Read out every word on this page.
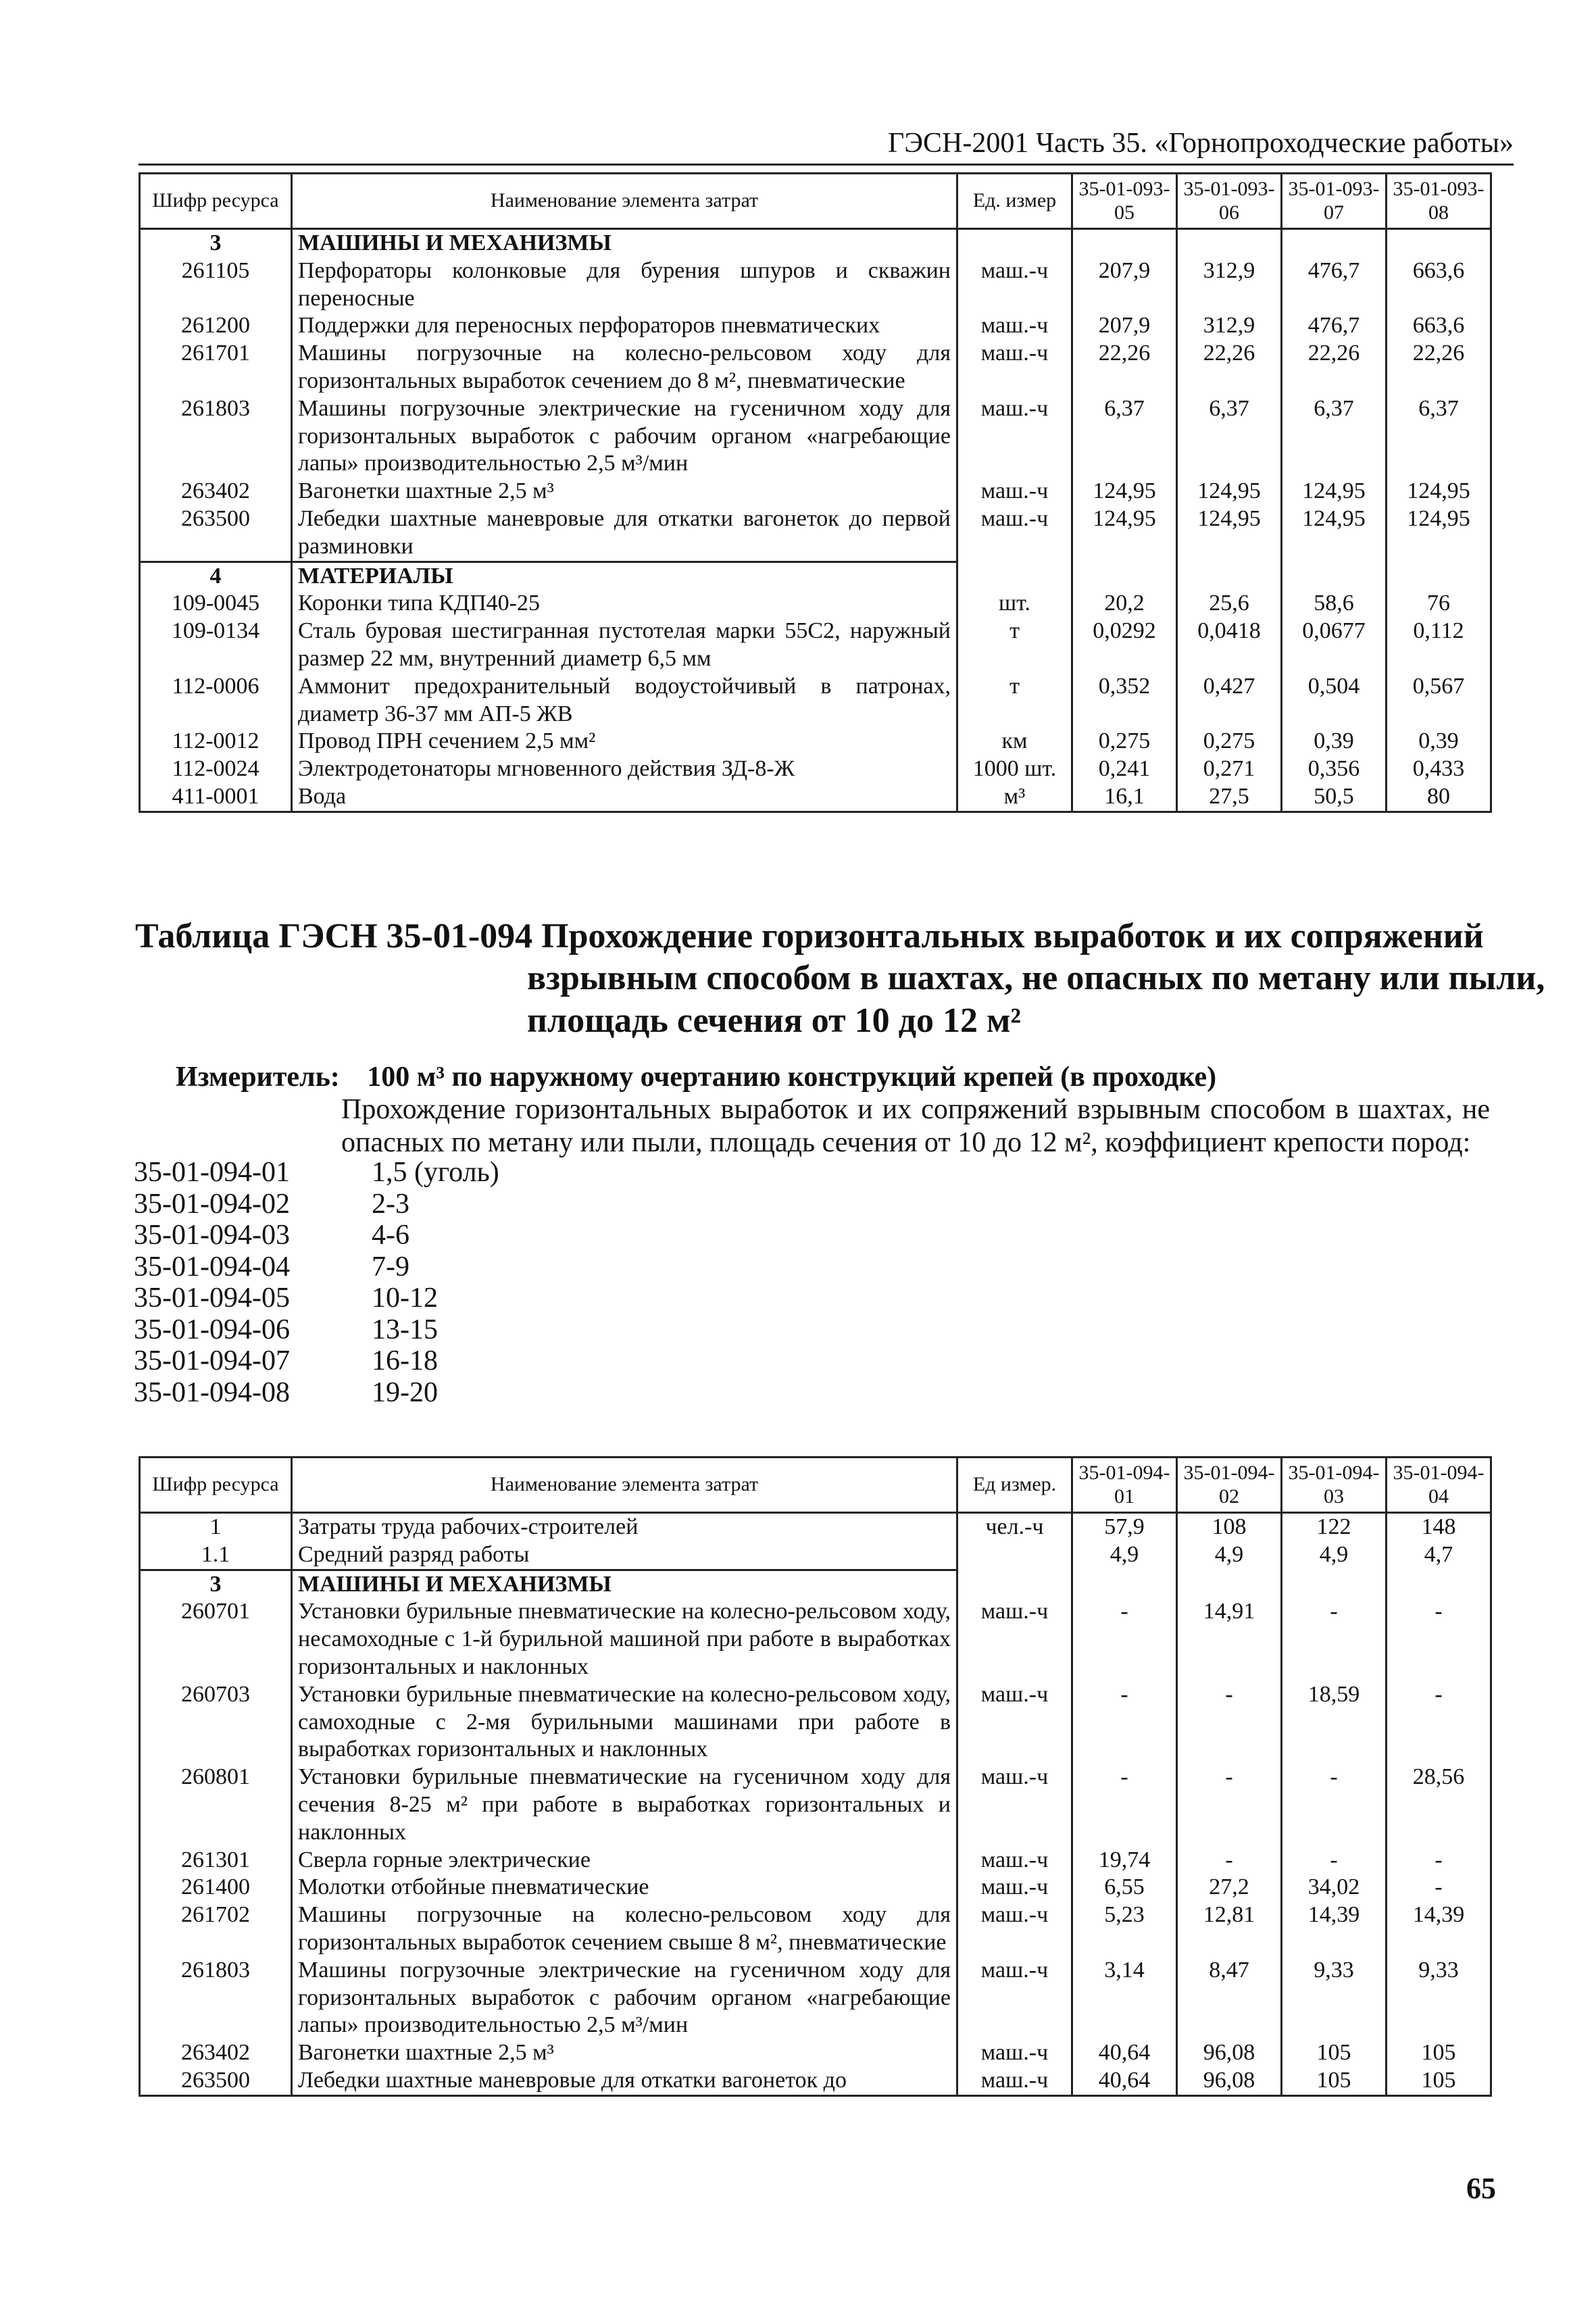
ГЭСН-2001 Часть 35. «Горнопроходческие работы»
Шифр ресурса	Наименование элемента затрат	Ед. измер	35-01-093-05	35-01-093-06	35-01-093-07	35-01-093-08
3	МАШИНЫ И МЕХАНИЗМЫ					
261105	Перфораторы колонковые для бурения шпуров и скважин переносные	маш.-ч	207,9	312,9	476,7	663,6
261200	Поддержки для переносных перфораторов пневматических	маш.-ч	207,9	312,9	476,7	663,6
261701	Машины погрузочные на колесно-рельсовом ходу для горизонтальных выработок сечением до 8 м², пневматические	маш.-ч	22,26	22,26	22,26	22,26
261803	Машины погрузочные электрические на гусеничном ходу для горизонтальных выработок с рабочим органом «нагребающие лапы» производительностью 2,5 м³/мин	маш.-ч	6,37	6,37	6,37	6,37
263402	Вагонетки шахтные 2,5 м³	маш.-ч	124,95	124,95	124,95	124,95
263500	Лебедки шахтные маневровые для откатки вагонеток до первой разминовки	маш.-ч	124,95	124,95	124,95	124,95
4	МАТЕРИАЛЫ					
109-0045	Коронки типа КДП40-25	шт.	20,2	25,6	58,6	76
109-0134	Сталь буровая шестигранная пустотелая марки 55С2, наружный размер 22 мм, внутренний диаметр 6,5 мм	т	0,0292	0,0418	0,0677	0,112
112-0006	Аммонит предохранительный водоустойчивый в патронах, диаметр 36-37 мм АП-5 ЖВ	т	0,352	0,427	0,504	0,567
112-0012	Провод ПРН сечением 2,5 мм²	км	0,275	0,275	0,39	0,39
112-0024	Электродетонаторы мгновенного действия ЗД-8-Ж	1000 шт.	0,241	0,271	0,356	0,433
411-0001	Вода	м³	16,1	27,5	50,5	80
Таблица ГЭСН 35-01-094 Прохождение горизонтальных выработок и их сопряжений
взрывным способом в шахтах, не опасных по метану или пыли,
площадь сечения от 10 до 12 м²
Измеритель: 100 м³ по наружному очертанию конструкций крепей (в проходке)
Прохождение горизонтальных выработок и их сопряжений взрывным способом в шахтах, не опасных по метану или пыли, площадь сечения от 10 до 12 м², коэффициент крепости пород:
35-01-094-01	1,5 (уголь)
35-01-094-02	2-3
35-01-094-03	4-6
35-01-094-04	7-9
35-01-094-05	10-12
35-01-094-06	13-15
35-01-094-07	16-18
35-01-094-08	19-20
Шифр ресурса	Наименование элемента затрат	Ед измер.	35-01-094-01	35-01-094-02	35-01-094-03	35-01-094-04
1	Затраты труда рабочих-строителей	чел.-ч	57,9	108	122	148
1.1	Средний разряд работы		4,9	4,9	4,9	4,7
3	МАШИНЫ И МЕХАНИЗМЫ					
260701	Установки бурильные пневматические на колесно-рельсовом ходу, несамоходные с 1-й бурильной машиной при работе в выработках горизонтальных и наклонных	маш.-ч	-	14,91	-	-
260703	Установки бурильные пневматические на колесно-рельсовом ходу, самоходные с 2-мя бурильными машинами при работе в выработках горизонтальных и наклонных	маш.-ч	-	-	18,59	-
260801	Установки бурильные пневматические на гусеничном ходу для сечения 8-25 м² при работе в выработках горизонтальных и наклонных	маш.-ч	-	-	-	28,56
261301	Сверла горные электрические	маш.-ч	19,74	-	-	-
261400	Молотки отбойные пневматические	маш.-ч	6,55	27,2	34,02	-
261702	Машины погрузочные на колесно-рельсовом ходу для горизонтальных выработок сечением свыше 8 м², пневматические	маш.-ч	5,23	12,81	14,39	14,39
261803	Машины погрузочные электрические на гусеничном ходу для горизонтальных выработок с рабочим органом «нагребающие лапы» производительностью 2,5 м³/мин	маш.-ч	3,14	8,47	9,33	9,33
263402	Вагонетки шахтные 2,5 м³	маш.-ч	40,64	96,08	105	105
263500	Лебедки шахтные маневровые для откатки вагонеток до	маш.-ч	40,64	96,08	105	105
65
